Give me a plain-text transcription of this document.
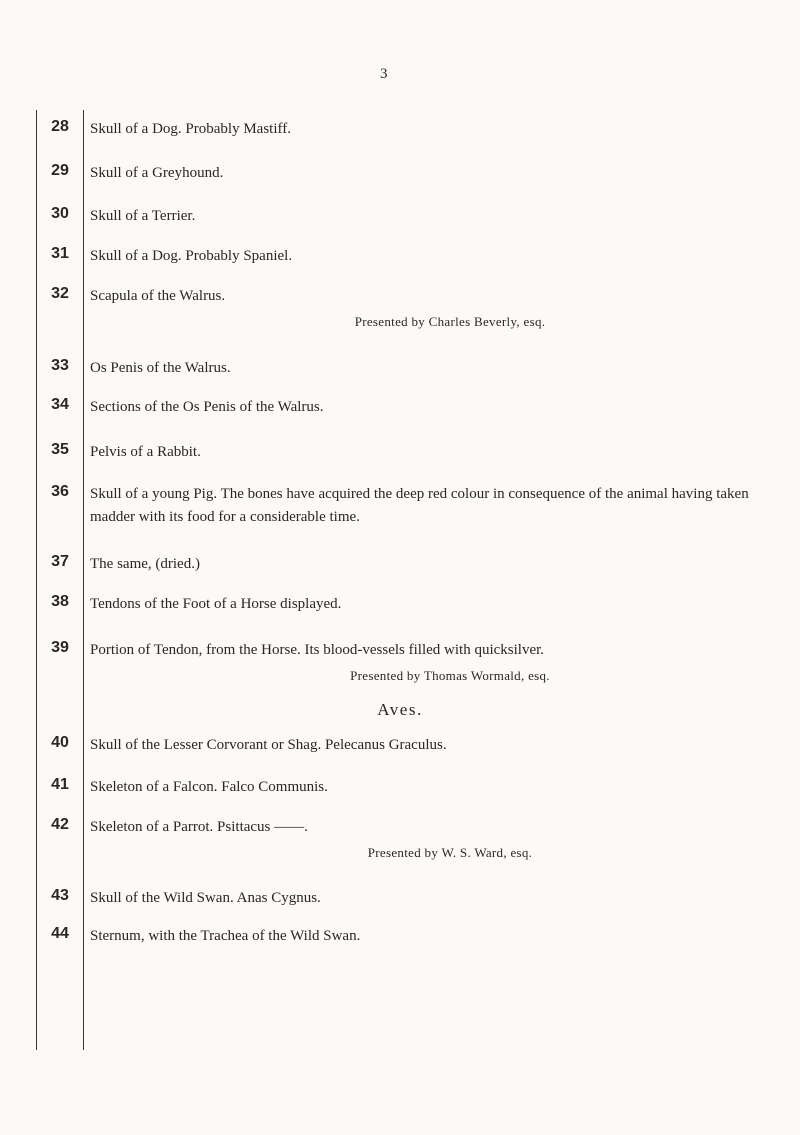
3
28	Skull of a Dog. Probably Mastiff.
29	Skull of a Greyhound.
30	Skull of a Terrier.
31	Skull of a Dog. Probably Spaniel.
32	Scapula of the Walrus.
Presented by Charles Beverly, esq.
33	Os Penis of the Walrus.
34	Sections of the Os Penis of the Walrus.
35	Pelvis of a Rabbit.
36	Skull of a young Pig. The bones have acquired the deep red colour in consequence of the animal having taken madder with its food for a considerable time.
37	The same, (dried.)
38	Tendons of the Foot of a Horse displayed.
39	Portion of Tendon, from the Horse. Its blood-vessels filled with quicksilver.
Presented by Thomas Wormald, esq.
Aves.
40	Skull of the Lesser Corvorant or Shag. Pelecanus Graculus.
41	Skeleton of a Falcon. Falco Communis.
42	Skeleton of a Parrot. Psittacus ——.
Presented by W. S. Ward, esq.
43	Skull of the Wild Swan. Anas Cygnus.
44	Sternum, with the Trachea of the Wild Swan.
